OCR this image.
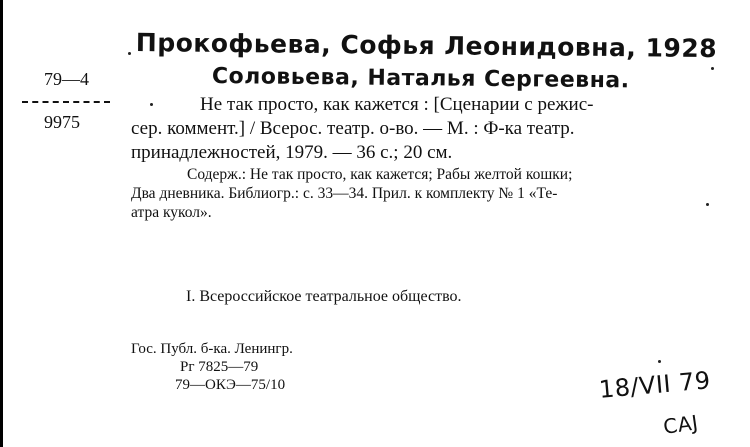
79—4
9975
Прокофьева, Софья Леонидовна, 1928
Соловьева, Наталья Сергеевна.
Не так просто, как кажется : [Сценарии с режис-
сер. коммент.] / Всерос. театр. о-во. — М. : Ф-ка театр.
принадлежностей, 1979. — 36 с.; 20 см.
Содерж.: Не так просто, как кажется; Рабы желтой кошки;
Два дневника. Библиогр.: с. 33—34. Прил. к комплекту № 1 «Те-
атра кукол».
I. Всероссийское театральное общество.
Гос. Публ. б-ка. Ленингр.
Рг 7825—79
79—ОКЭ—75/10	18/VII 79
CAJ
